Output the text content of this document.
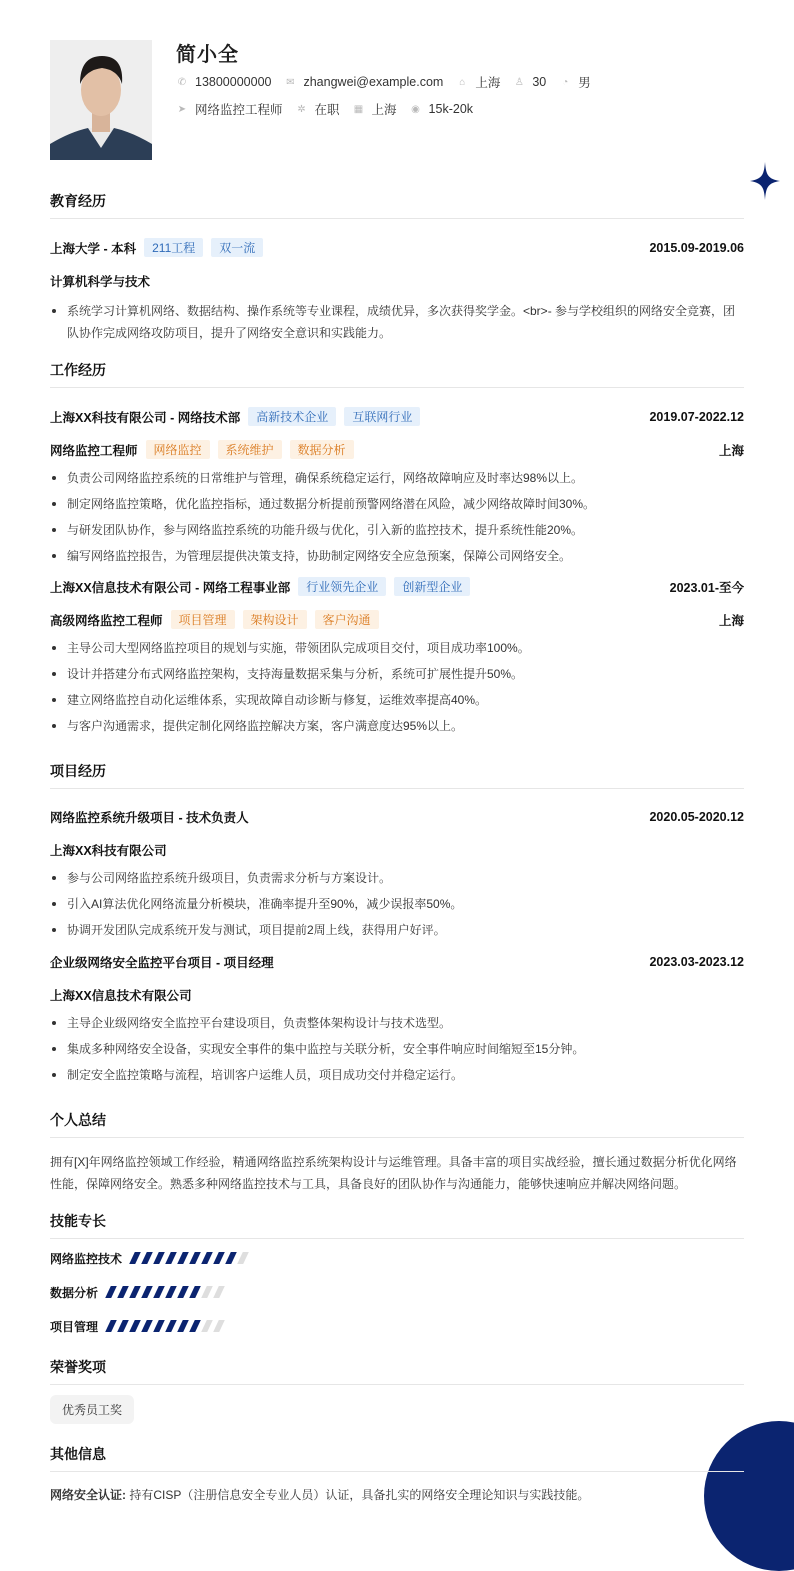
简小全
✆ 13800000000 ✉ zhangwei@example.com ⌂ 上海 ♙ 30 ◔ 男
➤ 网络监控工程师 ✲ 在职 ▦ 上海 ◉ 15k-20k
教育经历
上海大学 - 本科	211工程	双一流	2015.09-2019.06
计算机科学与技术
系统学习计算机网络、数据结构、操作系统等专业课程，成绩优异，多次获得奖学金。<br>- 参与学校组织的网络安全竞赛，团队协作完成网络攻防项目，提升了网络安全意识和实践能力。
工作经历
上海XX科技有限公司 - 网络技术部	高新技术企业	互联网行业	2019.07-2022.12
网络监控工程师	网络监控	系统维护	数据分析	上海
负责公司网络监控系统的日常维护与管理，确保系统稳定运行，网络故障响应及时率达98%以上。
制定网络监控策略，优化监控指标，通过数据分析提前预警网络潜在风险，减少网络故障时间30%。
与研发团队协作，参与网络监控系统的功能升级与优化，引入新的监控技术，提升系统性能20%。
编写网络监控报告，为管理层提供决策支持，协助制定网络安全应急预案，保障公司网络安全。
上海XX信息技术有限公司 - 网络工程事业部	行业领先企业	创新型企业	2023.01-至今
高级网络监控工程师	项目管理	架构设计	客户沟通	上海
主导公司大型网络监控项目的规划与实施，带领团队完成项目交付，项目成功率100%。
设计并搭建分布式网络监控架构，支持海量数据采集与分析，系统可扩展性提升50%。
建立网络监控自动化运维体系，实现故障自动诊断与修复，运维效率提高40%。
与客户沟通需求，提供定制化网络监控解决方案，客户满意度达95%以上。
项目经历
网络监控系统升级项目 - 技术负责人	2020.05-2020.12
上海XX科技有限公司
参与公司网络监控系统升级项目，负责需求分析与方案设计。
引入AI算法优化网络流量分析模块，准确率提升至90%，减少误报率50%。
协调开发团队完成系统开发与测试，项目提前2周上线，获得用户好评。
企业级网络安全监控平台项目 - 项目经理	2023.03-2023.12
上海XX信息技术有限公司
主导企业级网络安全监控平台建设项目，负责整体架构设计与技术选型。
集成多种网络安全设备，实现安全事件的集中监控与关联分析，安全事件响应时间缩短至15分钟。
制定安全监控策略与流程，培训客户运维人员，项目成功交付并稳定运行。
个人总结
拥有[X]年网络监控领域工作经验，精通网络监控系统架构设计与运维管理。具备丰富的项目实战经验，擅长通过数据分析优化网络性能，保障网络安全。熟悉多种网络监控技术与工具，具备良好的团队协作与沟通能力，能够快速响应并解决网络问题。
技能专长
网络监控技术
数据分析
项目管理
荣誉奖项
优秀员工奖
其他信息
网络安全认证: 持有CISP（注册信息安全专业人员）认证，具备扎实的网络安全理论知识与实践技能。
